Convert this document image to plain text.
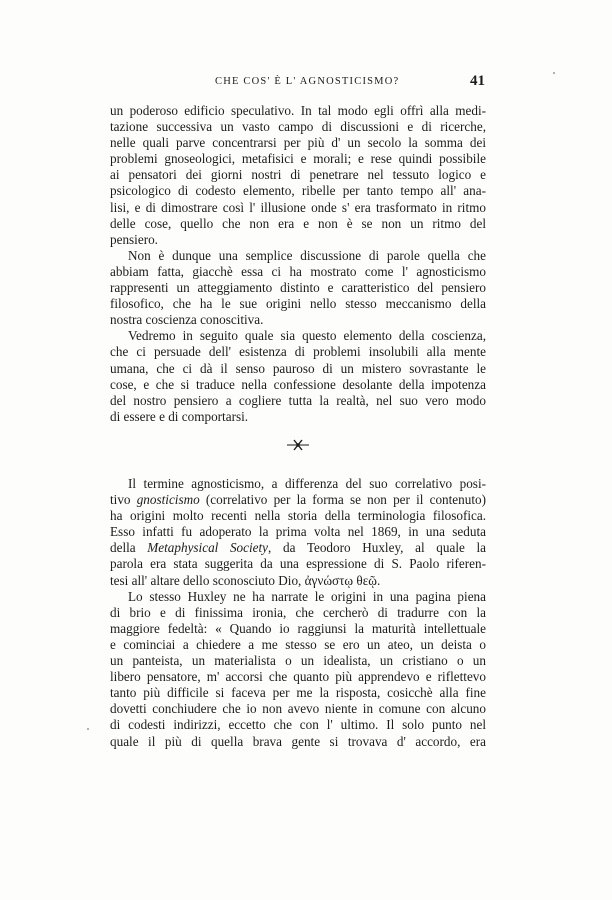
CHE COS' È L' AGNOSTICISMO?	41
un poderoso edificio speculativo. In tal modo egli offrì alla medi-
tazione successiva un vasto campo di discussioni e di ricerche,
nelle quali parve concentrarsi per più d' un secolo la somma dei
problemi gnoseologici, metafisici e morali; e rese quindi possibile
ai pensatori dei giorni nostri di penetrare nel tessuto logico e
psicologico di codesto elemento, ribelle per tanto tempo all' ana-
lisi, e di dimostrare così l' illusione onde s' era trasformato in ritmo
delle cose, quello che non era e non è se non un ritmo del
pensiero.
Non è dunque una semplice discussione di parole quella che
abbiam fatta, giacchè essa ci ha mostrato come l' agnosticismo
rappresenti un atteggiamento distinto e caratteristico del pensiero
filosofico, che ha le sue origini nello stesso meccanismo della
nostra coscienza conoscitiva.
Vedremo in seguito quale sia questo elemento della coscienza,
che ci persuade dell' esistenza di problemi insolubili alla mente
umana, che ci dà il senso pauroso di un mistero sovrastante le
cose, e che si traduce nella confessione desolante della impotenza
del nostro pensiero a cogliere tutta la realtà, nel suo vero modo
di essere e di comportarsi.
Il termine agnosticismo, a differenza del suo correlativo posi-
tivo gnosticismo (correlativo per la forma se non per il contenuto)
ha origini molto recenti nella storia della terminologia filosofica.
Esso infatti fu adoperato la prima volta nel 1869, in una seduta
della Metaphysical Society, da Teodoro Huxley, al quale la
parola era stata suggerita da una espressione di S. Paolo riferen-
tesi all' altare dello sconosciuto Dio, ἀγνώστῳ θεῷ.
Lo stesso Huxley ne ha narrate le origini in una pagina piena
di brio e di finissima ironia, che cercherò di tradurre con la
maggiore fedeltà: « Quando io raggiunsi la maturità intellettuale
e cominciai a chiedere a me stesso se ero un ateo, un deista o
un panteista, un materialista o un idealista, un cristiano o un
libero pensatore, m' accorsi che quanto più apprendevo e riflettevo
tanto più difficile si faceva per me la risposta, cosicchè alla fine
dovetti conchiudere che io non avevo niente in comune con alcuno
di codesti indirizzi, eccetto che con l' ultimo. Il solo punto nel
quale il più di quella brava gente si trovava d' accordo, era
